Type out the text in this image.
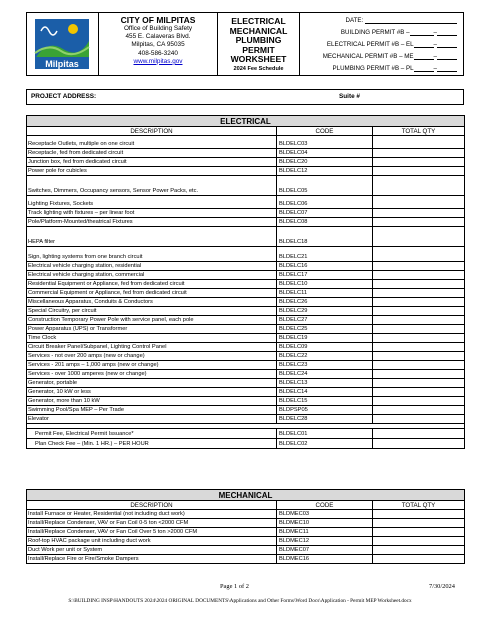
Milpitas
CITY OF MILPITAS
Office of Building Safety
455 E. Calaveras Blvd.
Milpitas, CA 95035
408-586-3240
www.milpitas.gov
ELECTRICAL
MECHANICAL
PLUMBING
PERMIT
WORKSHEET
2024 Fee Schedule
DATE:
BUILDING PERMIT #B –	–
ELECTRICAL PERMIT #B – EL	–
MECHANICAL PERMIT #B – ME	–
PLUMBING PERMIT #B – PL	–
PROJECT ADDRESS:	Suite #
ELECTRICAL		
DESCRIPTION	CODE	TOTAL QTY
Receptacle Outlets, multiple on one circuit	BLDELC03	
Receptacle, fed from dedicated circuit	BLDELC04	
Junction box, fed from dedicated circuit	BLDELC20	
Power pole for cubicles	BLDELC12	
Switches, Dimmers, Occupancy sensors, Sensor Power Packs, etc.	BLDELC05	
Lighting Fixtures, Sockets	BLDELC06	
Track lighting with fixtures – per linear foot	BLDELC07	
Pole/Platform-Mounted/theatrical Fixtures	BLDELC08	
HEPA filter	BLDELC18	
Sign, lighting systems from one branch circuit	BLDELC21	
Electrical vehicle charging station, residential	BLDELC16	
Electrical vehicle charging station, commercial	BLDELC17	
Residential Equipment or Appliance, fed from dedicated circuit	BLDELC10	
Commercial Equipment or Appliance, fed from dedicated circuit	BLDELC11	
Miscellaneous Apparatus, Conduits & Conductors	BLDELC26	
Special Circuitry, per circuit	BLDELC29	
Construction Temporary Power Pole with service panel, each pole	BLDELC27	
Power Apparatus (UPS) or Transformer	BLDELC25	
Time Clock	BLDELC19	
Circuit Breaker Panel/Subpanel, Lighting Control Panel	BLDELC09	
Services - not over 200 amps (new or change)	BLDELC22	
Services - 201 amps – 1,000 amps (new or change)	BLDELC23	
Services - over 1000 amperes (new or change)	BLDELC24	
Generator, portable	BLDELC13	
Generator, 10 kW or less	BLDELC14	
Generator, more than 10 kW	BLDELC15	
Swimming Pool/Spa MEP – Per Trade	BLDPSP05	
Elevator	BLDELC28	

Permit Fee, Electrical Permit Issuance*	BLDELC01	
Plan Check Fee – (Min. 1 HR.) – PER HOUR	BLDELC02	
MECHANICAL		
DESCRIPTION	CODE	TOTAL QTY
Install Furnace or Heater, Residential (not including duct work)	BLDMEC03	
Install/Replace Condenser, VAV or Fan Coil 0-5 ton <2000 CFM	BLDMEC10	
Install/Replace Condenser, VAV or Fan Coil Over 5 ton >2000 CFM	BLDMEC11	
Roof-top HVAC package unit including duct work	BLDMEC12	
Duct Work per unit or System	BLDMEC07	
Install/Replace Fire or Fire/Smoke Dampers	BLDMEC16	
Page 1 of 2	7/30/2024
S:\BUILDING INSP\HANDOUTS 2024\2024 ORIGINAL DOCUMENTS\Applications and Other Forms\Word Docs\Application - Permit MEP Worksheet.docx
